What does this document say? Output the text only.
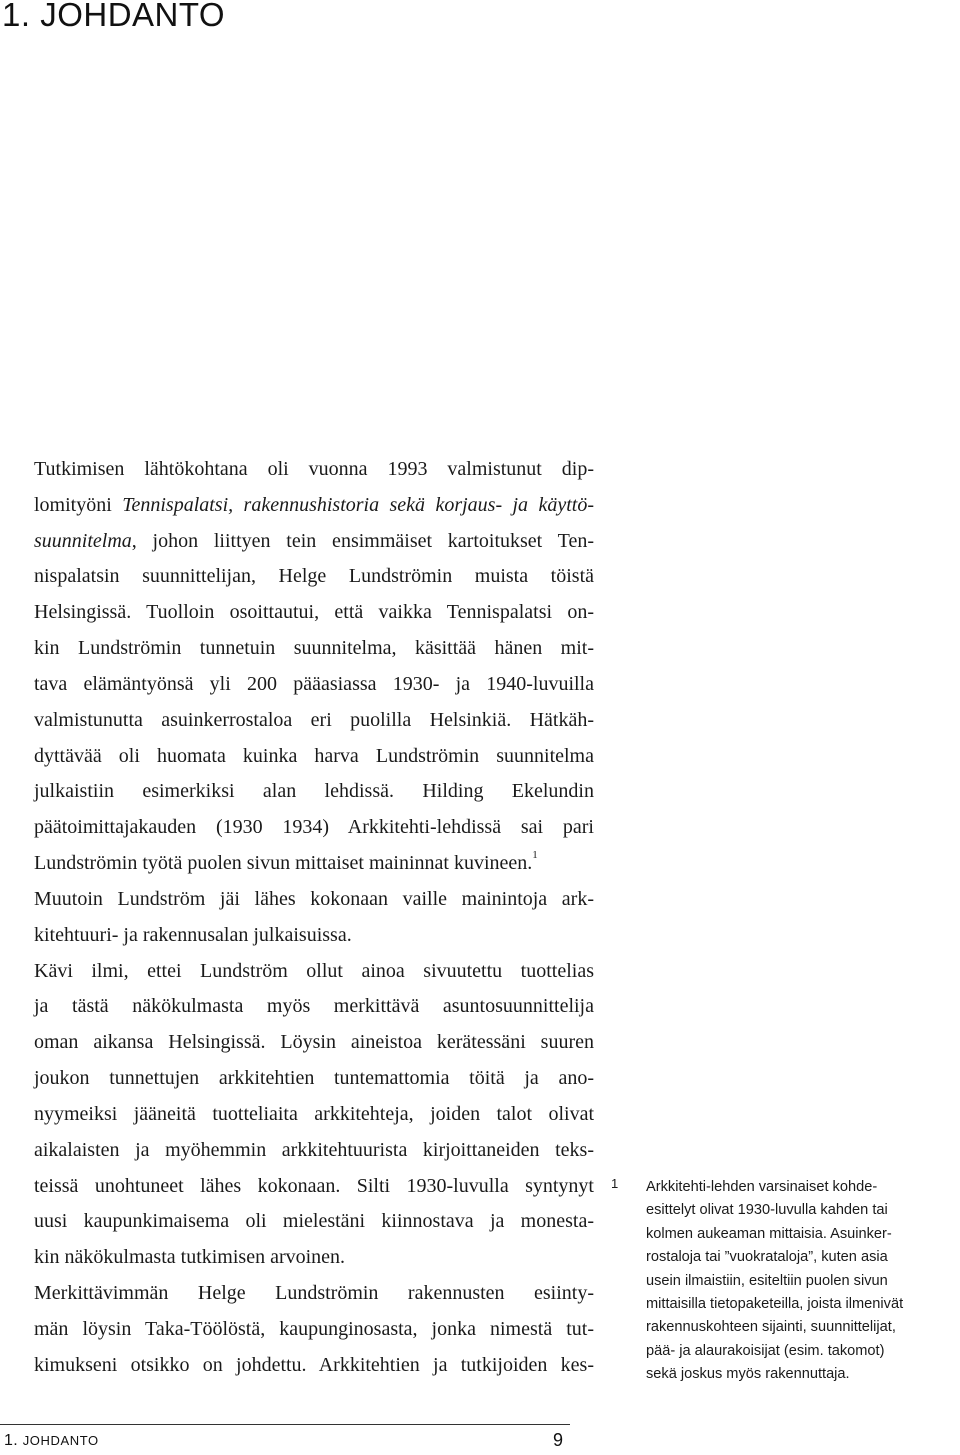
1. JOHDANTO
Tutkimisen lähtökohtana oli vuonna 1993 valmistunut dip-
lomityöni Tennispalatsi, rakennushistoria sekä korjaus- ja käyttö-
suunnitelma, johon liittyen tein ensimmäiset kartoitukset Ten-
nispalatsin suunnittelijan, Helge Lundströmin muista töistä
Helsingissä. Tuolloin osoittautui, että vaikka Tennispalatsi on-
kin Lundströmin tunnetuin suunnitelma, käsittää hänen mit-
tava elämäntyönsä yli 200 pääasiassa 1930- ja 1940-luvuilla
valmistunutta asuinkerrostaloa eri puolilla Helsinkiä. Hätkäh-
dyttävää oli huomata kuinka harva Lundströmin suunnitelma
julkaistiin esimerkiksi alan lehdissä. Hilding Ekelundin
päätoimittajakauden (1930 1934) Arkkitehti-lehdissä sai pari
Lundströmin työtä puolen sivun mittaiset maininnat kuvineen.$^1$
Muutoin Lundström jäi lähes kokonaan vaille mainintoja ark-
kitehtuuri- ja rakennusalan julkaisuissa.
Kävi ilmi, ettei Lundström ollut ainoa sivuutettu tuottelias
ja tästä näkökulmasta myös merkittävä asuntosuunnittelija
oman aikansa Helsingissä. Löysin aineistoa kerätessäni suuren
joukon tunnettujen arkkitehtien tuntemattomia töitä ja ano-
nyymeiksi jääneitä tuotteliaita arkkitehteja, joiden talot olivat
aikalaisten ja myöhemmin arkkitehtuurista kirjoittaneiden teks-
teissä unohtuneet lähes kokonaan. Silti 1930-luvulla syntynyt
uusi kaupunkimaisema oli mielestäni kiinnostava ja monesta-
kin näkökulmasta tutkimisen arvoinen.
Merkittävimmän Helge Lundströmin rakennusten esiinty-
män löysin Taka-Töölöstä, kaupunginosasta, jonka nimestä tut-
kimukseni otsikko on johdettu. Arkkitehtien ja tutkijoiden kes-
1 Arkkitehti-lehden varsinaiset kohde-
esittelyt olivat 1930-luvulla kahden tai
kolmen aukeaman mittaisia. Asuinker-
rostaloja tai ”vuokrataloja”, kuten asia
usein ilmaistiin, esiteltiin puolen sivun
mittaisilla tietopaketeilla, joista ilmenivät
rakennuskohteen sijainti, suunnittelijat,
pää- ja alaurakoisijat (esim. takomot)
sekä joskus myös rakennuttaja.
1. JOHDANTO	9
